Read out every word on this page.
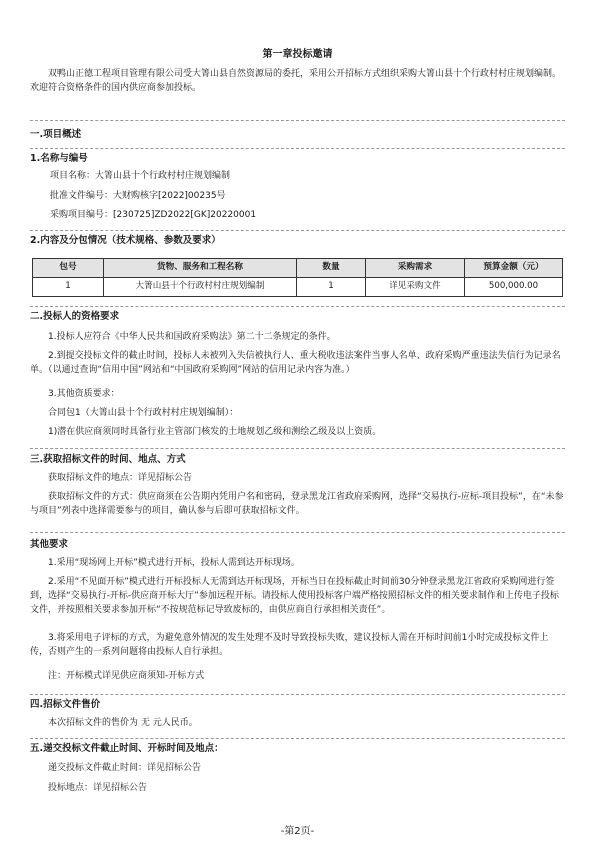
第一章投标邀请
双鸭山正德工程项目管理有限公司受大箐山县自然资源局的委托，采用公开招标方式组织采购大箐山县十个行政村村庄规划编制。欢迎符合资格条件的国内供应商参加投标。
一.项目概述
1.名称与编号
项目名称：大箐山县十个行政村村庄规划编制
批准文件编号：大财购核字[2022]00235号
采购项目编号：[230725]ZD2022[GK]20220001
2.内容及分包情况（技术规格、参数及要求）
包号	货物、服务和工程名称	数量	采购需求	预算金额（元）
1	大箐山县十个行政村村庄规划编制	1	详见采购文件	500,000.00
二.投标人的资格要求
1.投标人应符合《中华人民共和国政府采购法》第二十二条规定的条件。
2.到提交投标文件的截止时间，投标人未被列入失信被执行人、重大税收违法案件当事人名单、政府采购严重违法失信行为记录名单。（以通过查询“信用中国”网站和“中国政府采购网”网站的信用记录内容为准。）
3.其他资质要求：
合同包1（大箐山县十个行政村村庄规划编制）：
1)潜在供应商须同时具备行业主管部门核发的土地规划乙级和测绘乙级及以上资质。
三.获取招标文件的时间、地点、方式
获取招标文件的地点：详见招标公告
获取招标文件的方式：供应商须在公告期内凭用户名和密码，登录黑龙江省政府采购网，选择“交易执行-应标-项目投标”，在“未参与项目”列表中选择需要参与的项目，确认参与后即可获取招标文件。
其他要求
1.采用“现场网上开标”模式进行开标，投标人需到达开标现场。
2.采用“不见面开标”模式进行开标投标人无需到达开标现场，开标当日在投标截止时间前30分钟登录黑龙江省政府采购网进行签到，选择“交易执行-开标-供应商开标大厅”参加远程开标。请投标人使用投标客户端严格按照招标文件的相关要求制作和上传电子投标文件，并按照相关要求参加开标“不按规范标记导致废标的，由供应商自行承担相关责任”。
3.将采用电子评标的方式，为避免意外情况的发生处理不及时导致投标失败，建议投标人需在开标时间前1小时完成投标文件上传，否则产生的一系列问题将由投标人自行承担。
注：开标模式详见供应商须知-开标方式
四.招标文件售价
本次招标文件的售价为 无 元人民币。
五.递交投标文件截止时间、开标时间及地点：
递交投标文件截止时间：详见招标公告
投标地点：详见招标公告
-第2页-
